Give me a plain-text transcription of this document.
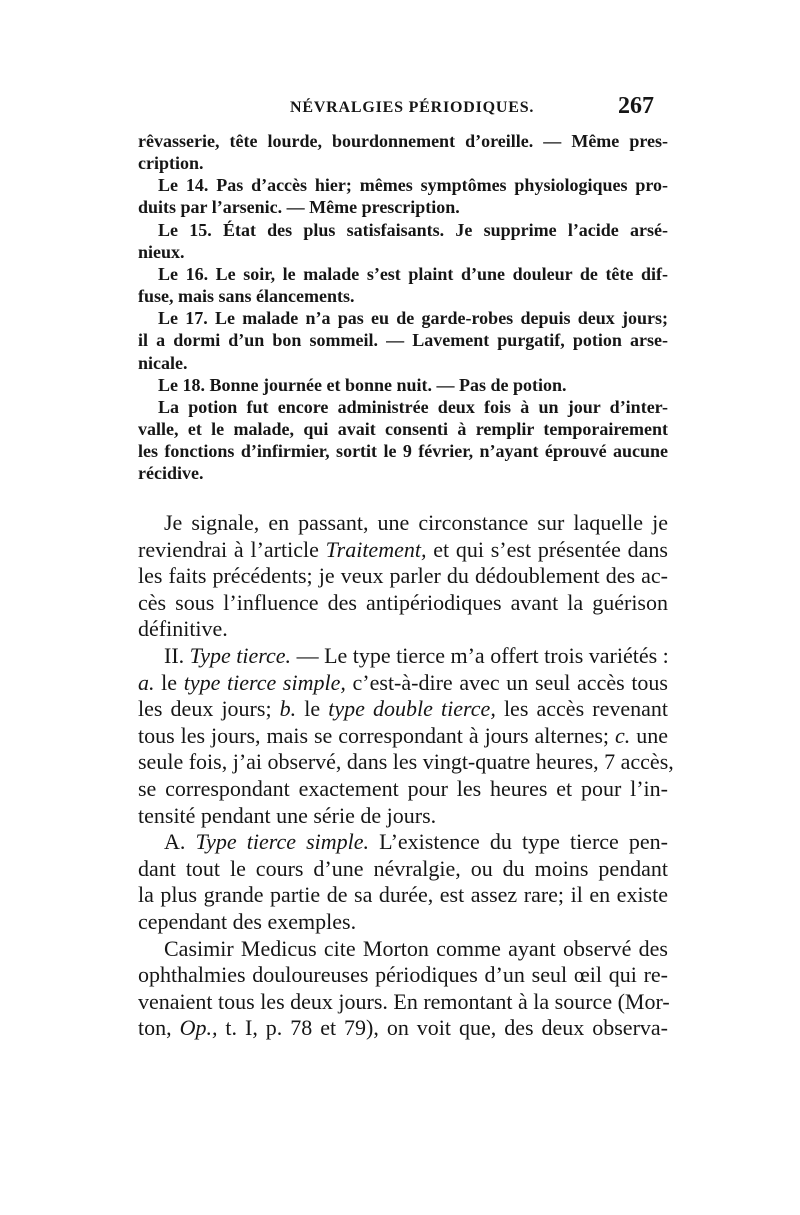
NÉVRALGIES PÉRIODIQUES.	267
rêvasserie, tête lourde, bourdonnement d’oreille. — Même pres-
cription.
Le 14. Pas d’accès hier; mêmes symptômes physiologiques pro-
duits par l’arsenic. — Même prescription.
Le 15. État des plus satisfaisants. Je supprime l’acide arsé-
nieux.
Le 16. Le soir, le malade s’est plaint d’une douleur de tête dif-
fuse, mais sans élancements.
Le 17. Le malade n’a pas eu de garde-robes depuis deux jours;
il a dormi d’un bon sommeil. — Lavement purgatif, potion arse-
nicale.
Le 18. Bonne journée et bonne nuit. — Pas de potion.
La potion fut encore administrée deux fois à un jour d’inter-
valle, et le malade, qui avait consenti à remplir temporairement
les fonctions d’infirmier, sortit le 9 février, n’ayant éprouvé aucune
récidive.
Je signale, en passant, une circonstance sur laquelle je
reviendrai à l’article Traitement, et qui s’est présentée dans
les faits précédents; je veux parler du dédoublement des ac-
cès sous l’influence des antipériodiques avant la guérison
définitive.
II. Type tierce. — Le type tierce m’a offert trois variétés :
a. le type tierce simple, c’est-à-dire avec un seul accès tous
les deux jours; b. le type double tierce, les accès revenant
tous les jours, mais se correspondant à jours alternes; c. une
seule fois, j’ai observé, dans les vingt-quatre heures, 7 accès,
se correspondant exactement pour les heures et pour l’in-
tensité pendant une série de jours.
A. Type tierce simple. L’existence du type tierce pen-
dant tout le cours d’une névralgie, ou du moins pendant
la plus grande partie de sa durée, est assez rare; il en existe
cependant des exemples.
Casimir Medicus cite Morton comme ayant observé des
ophthalmies douloureuses périodiques d’un seul œil qui re-
venaient tous les deux jours. En remontant à la source (Mor-
ton, Op., t. I, p. 78 et 79), on voit que, des deux observa-
